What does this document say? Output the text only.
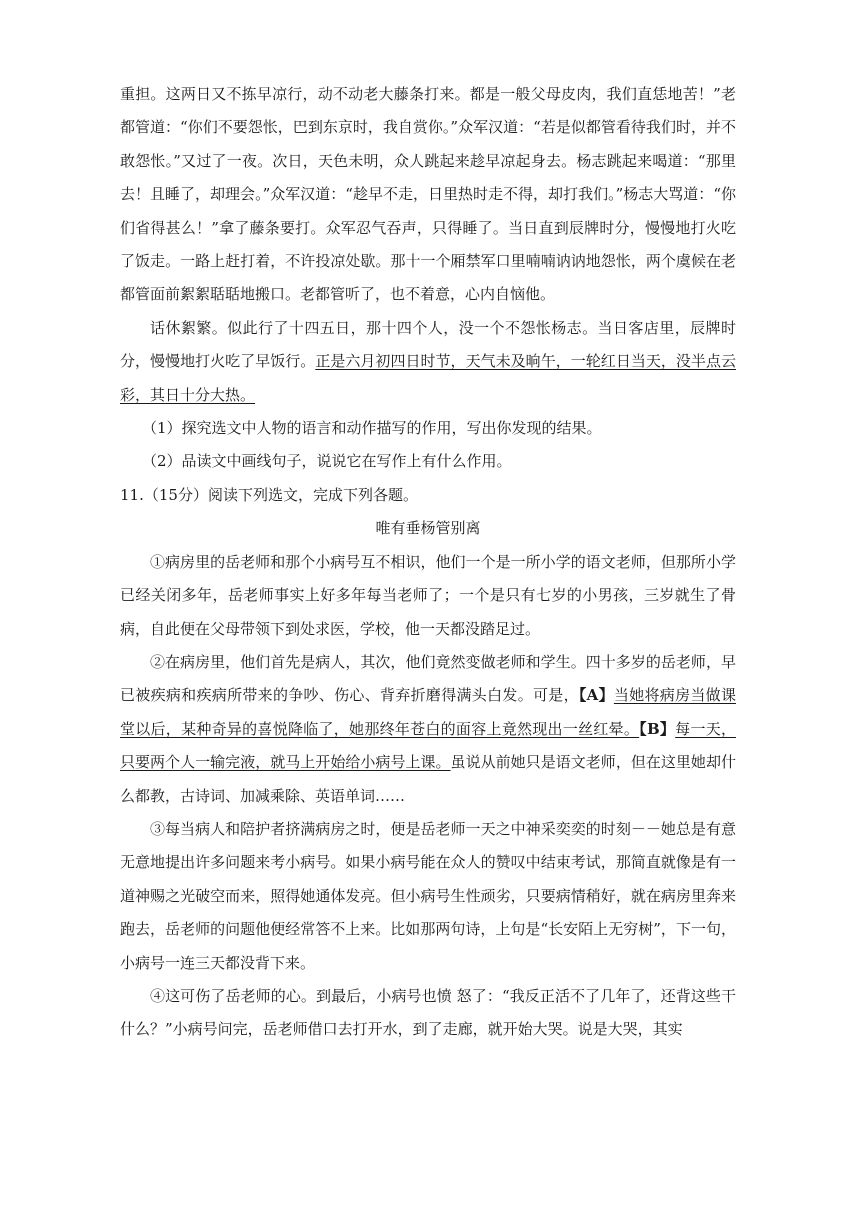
重担。这两日又不拣早凉行，动不动老大藤条打来。都是一般父母皮肉，我们直恁地苦！”老都管道：“你们不要怨怅，巴到东京时，我自赏你。”众军汉道：“若是似都管看待我们时，并不敢怨怅。”又过了一夜。次日，天色未明，众人跳起来趁早凉起身去。杨志跳起来喝道：“那里去！且睡了，却理会。”众军汉道：“趁早不走，日里热时走不得，却打我们。”杨志大骂道：“你们省得甚么！”拿了藤条要打。众军忍气吞声，只得睡了。当日直到辰牌时分，慢慢地打火吃了饭走。一路上赶打着，不许投凉处歇。那十一个厢禁军口里喃喃讷讷地怨怅，两个虞候在老都管面前絮絮聒聒地搬口。老都管听了，也不着意，心内自恼他。

话休絮繁。似此行了十四五日，那十四个人，没一个不怨怅杨志。当日客店里，辰牌时分，慢慢地打火吃了早饭行。正是六月初四日时节，天气未及晌午，一轮红日当天，没半点云彩，其日十分大热。

（1）探究选文中人物的语言和动作描写的作用，写出你发现的结果。

（2）品读文中画线句子，说说它在写作上有什么作用。

11.（15分）阅读下列选文，完成下列各题。

唯有垂杨管别离

①病房里的岳老师和那个小病号互不相识，他们一个是一所小学的语文老师，但那所小学已经关闭多年，岳老师事实上好多年每当老师了；一个是只有七岁的小男孩，三岁就生了骨病，自此便在父母带领下到处求医，学校，他一天都没踏足过。

②在病房里，他们首先是病人，其次，他们竟然变做老师和学生。四十多岁的岳老师，早已被疾病和疾病所带来的争吵、伤心、背弃折磨得满头白发。可是，【A】当她将病房当做课堂以后，某种奇异的喜悦降临了，她那终年苍白的面容上竟然现出一丝红晕。【B】每一天，只要两个人一输完液，就马上开始给小病号上课。虽说从前她只是语文老师，但在这里她却什么都教，古诗词、加减乘除、英语单词……

③每当病人和陪护者挤满病房之时，便是岳老师一天之中神采奕奕的时刻－－她总是有意无意地提出许多问题来考小病号。如果小病号能在众人的赞叹中结束考试，那简直就像是有一道神赐之光破空而来，照得她通体发亮。但小病号生性顽劣，只要病情稍好，就在病房里奔来跑去，岳老师的问题他便经常答不上来。比如那两句诗，上句是“长安陌上无穷树”，下一句，小病号一连三天都没背下来。

④这可伤了岳老师的心。到最后，小病号也愤 怒了：“我反正活不了几年了，还背这些干什么？”小病号问完，岳老师借口去打开水，到了走廊，就开始大哭。说是大哭，其实
